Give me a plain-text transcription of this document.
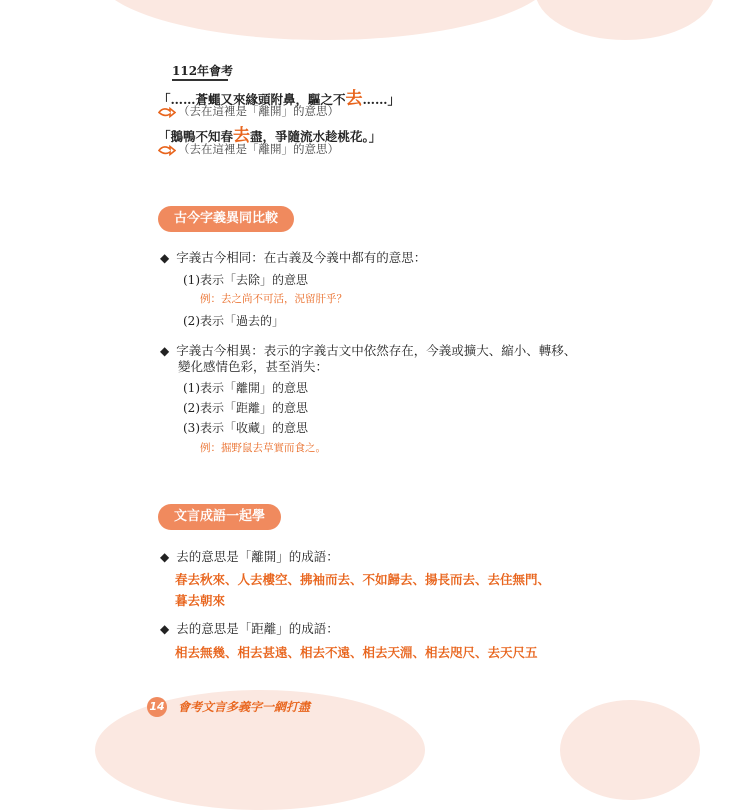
112年會考
「……蒼蠅又來緣頭附鼻，驅之不去……」
（去在這裡是「離開」的意思）
「鵝鴨不知春去盡，爭隨流水趁桃花。」
（去在這裡是「離開」的意思）
古今字義異同比較
◆ 字義古今相同：在古義及今義中都有的意思：
(1)表示「去除」的意思
例：去之尚不可活，況留肝乎？
(2)表示「過去的」
◆ 字義古今相異：表示的字義古文中依然存在，今義或擴大、縮小、轉移、
變化感情色彩，甚至消失：
(1)表示「離開」的意思
(2)表示「距離」的意思
(3)表示「收藏」的意思
例：掘野鼠去草實而食之。
文言成語一起學
◆ 去的意思是「離開」的成語：
春去秋來、人去樓空、拂袖而去、不如歸去、揚長而去、去住無門、
暮去朝來
◆ 去的意思是「距離」的成語：
相去無幾、相去甚遠、相去不遠、相去天淵、相去咫尺、去天尺五
14 會考文言多義字一網打盡
